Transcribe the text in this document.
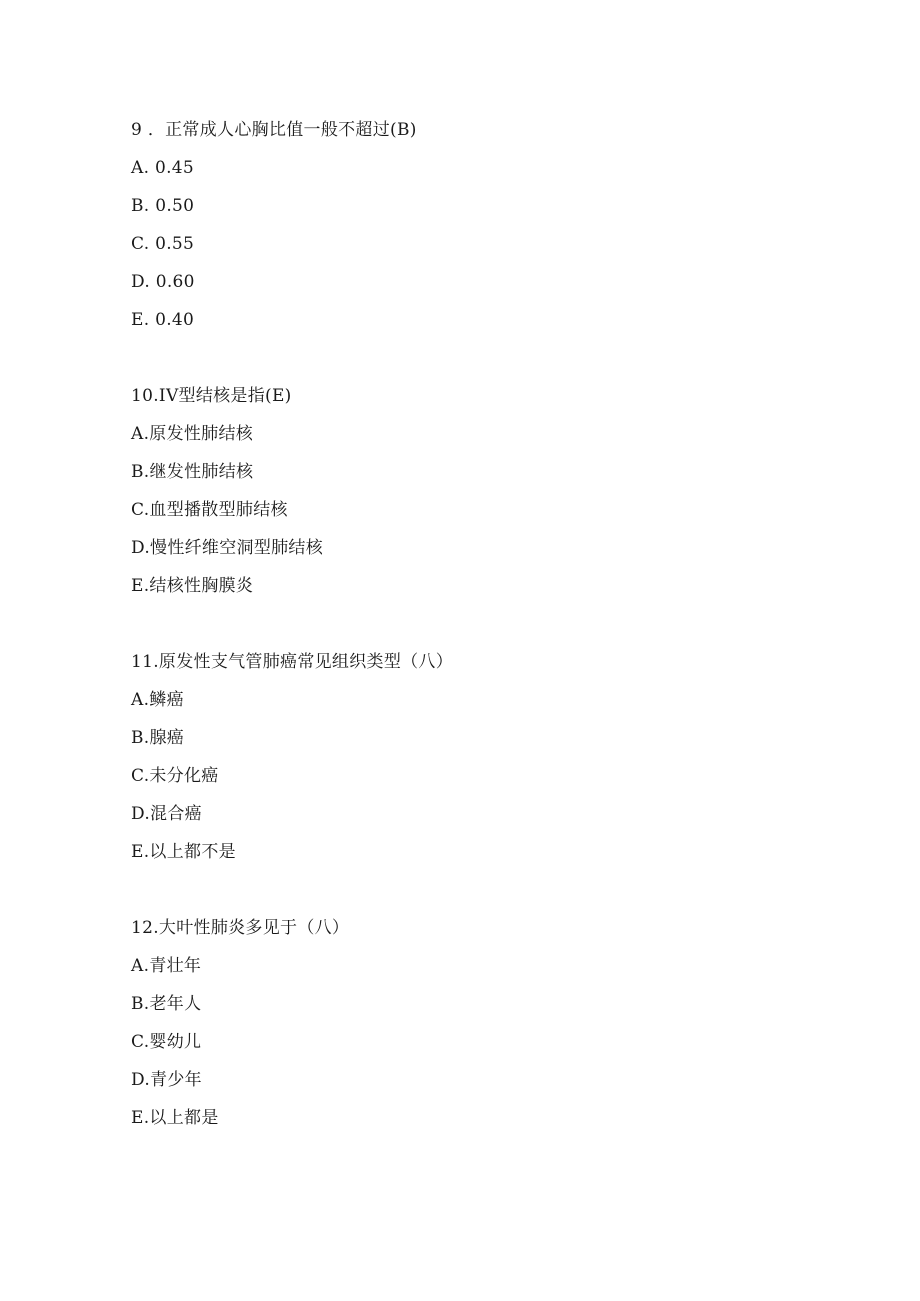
9 ．正常成人心胸比值一般不超过(B)
A. 0.45
B. 0.50
C. 0.55
D. 0.60
E. 0.40
10.IV型结核是指(E)
A.原发性肺结核
B.继发性肺结核
C.血型播散型肺结核
D.慢性纤维空洞型肺结核
E.结核性胸膜炎
11.原发性支气管肺癌常见组织类型（八）
A.鳞癌
B.腺癌
C.未分化癌
D.混合癌
E.以上都不是
12.大叶性肺炎多见于（八）
A.青壮年
B.老年人
C.婴幼儿
D.青少年
E.以上都是
